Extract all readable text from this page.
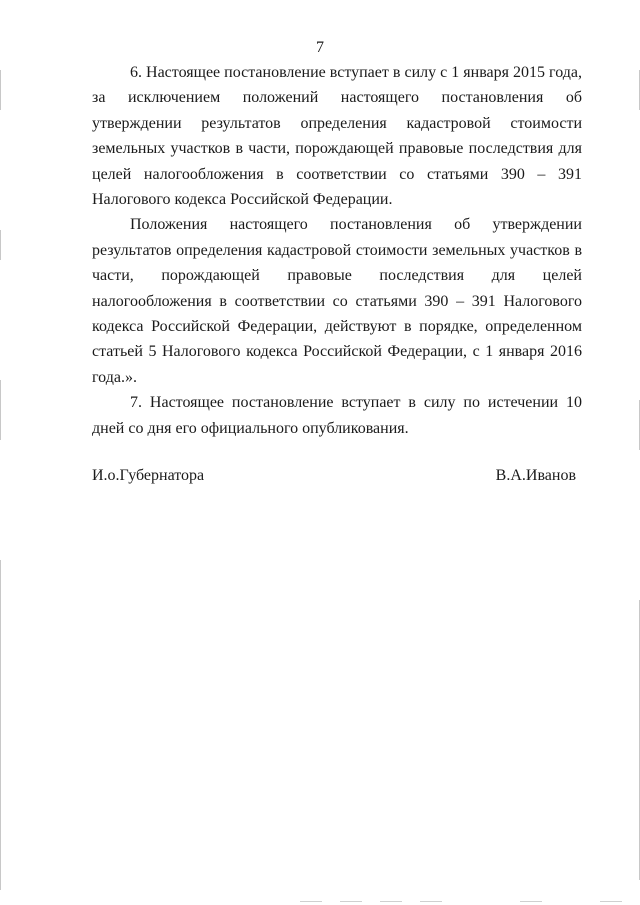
7

6. Настоящее постановление вступает в силу с 1 января 2015 года, за исключением положений настоящего постановления об утверждении результатов определения кадастровой стоимости земельных участков в части, порождающей правовые последствия для целей налогообложения в соответствии со статьями 390 – 391 Налогового кодекса Российской Федерации.

Положения настоящего постановления об утверждении результатов определения кадастровой стоимости земельных участков в части, порождающей правовые последствия для целей налогообложения в соответствии со статьями 390 – 391 Налогового кодекса Российской Федерации, действуют в порядке, определенном статьей 5 Налогового кодекса Российской Федерации, с 1 января 2016 года.».

7. Настоящее постановление вступает в силу по истечении 10 дней со дня его официального опубликования.

И.о.Губернатора	В.А.Иванов
